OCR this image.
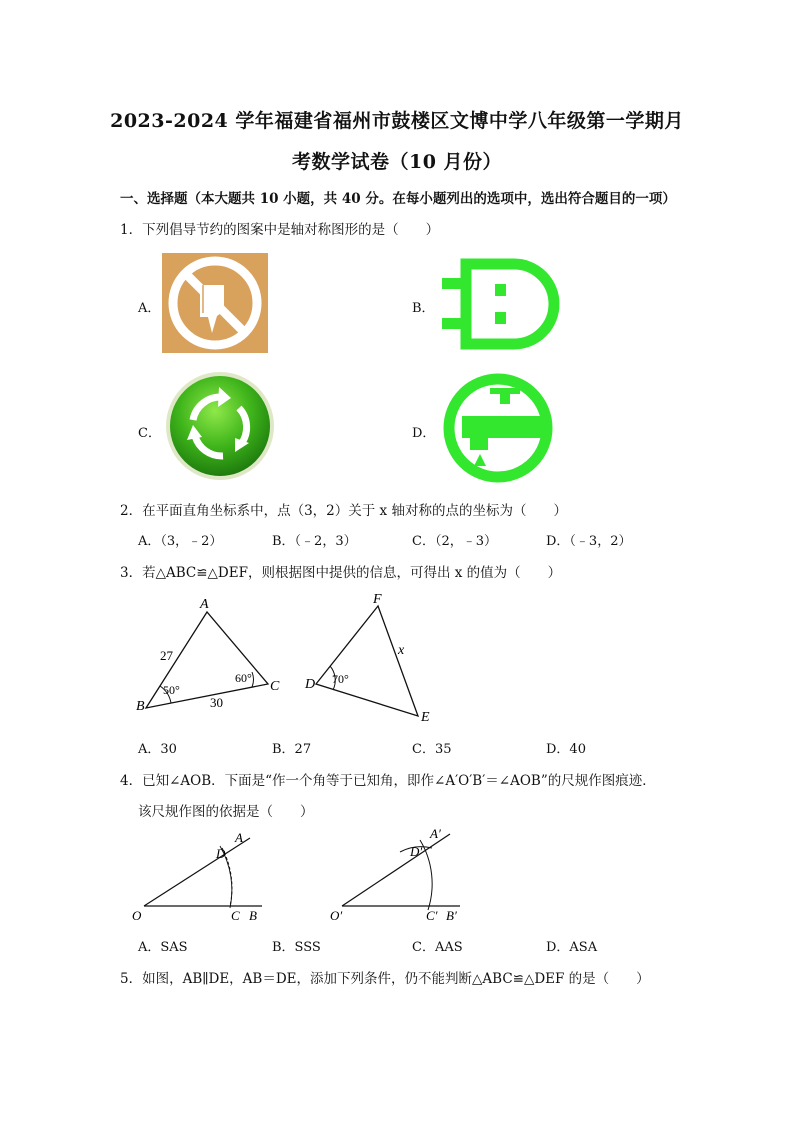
2023-2024 学年福建省福州市鼓楼区文博中学八年级第一学期月
考数学试卷（10 月份）
一、选择题（本大题共 10 小题，共 40 分。在每小题列出的选项中，选出符合题目的一项）
1．下列倡导节约的图案中是轴对称图形的是（　　）
A．	B．
C．	D．
2．在平面直角坐标系中，点（3，2）关于 x 轴对称的点的坐标为（　　）
A．（3，﹣2）	B．（﹣2，3）	C．（2，﹣3）	D．（﹣3，2）
3．若△ABC≌△DEF，则根据图中提供的信息，可得出 x 的值为（　　）
A
B
C
27
30
50°
60°
F
D
E
70°
x
A．30	B．27	C．35	D．40
4．已知∠AOB．下面是“作一个角等于已知角，即作∠A′O′B′＝∠AOB”的尺规作图痕迹．
该尺规作图的依据是（　　）
O	C B
D
A
O′	C′ B′
D′
A′
A．SAS	B．SSS	C．AAS	D．ASA
5．如图，AB∥DE，AB＝DE，添加下列条件，仍不能判断△ABC≌△DEF 的是（　　）
